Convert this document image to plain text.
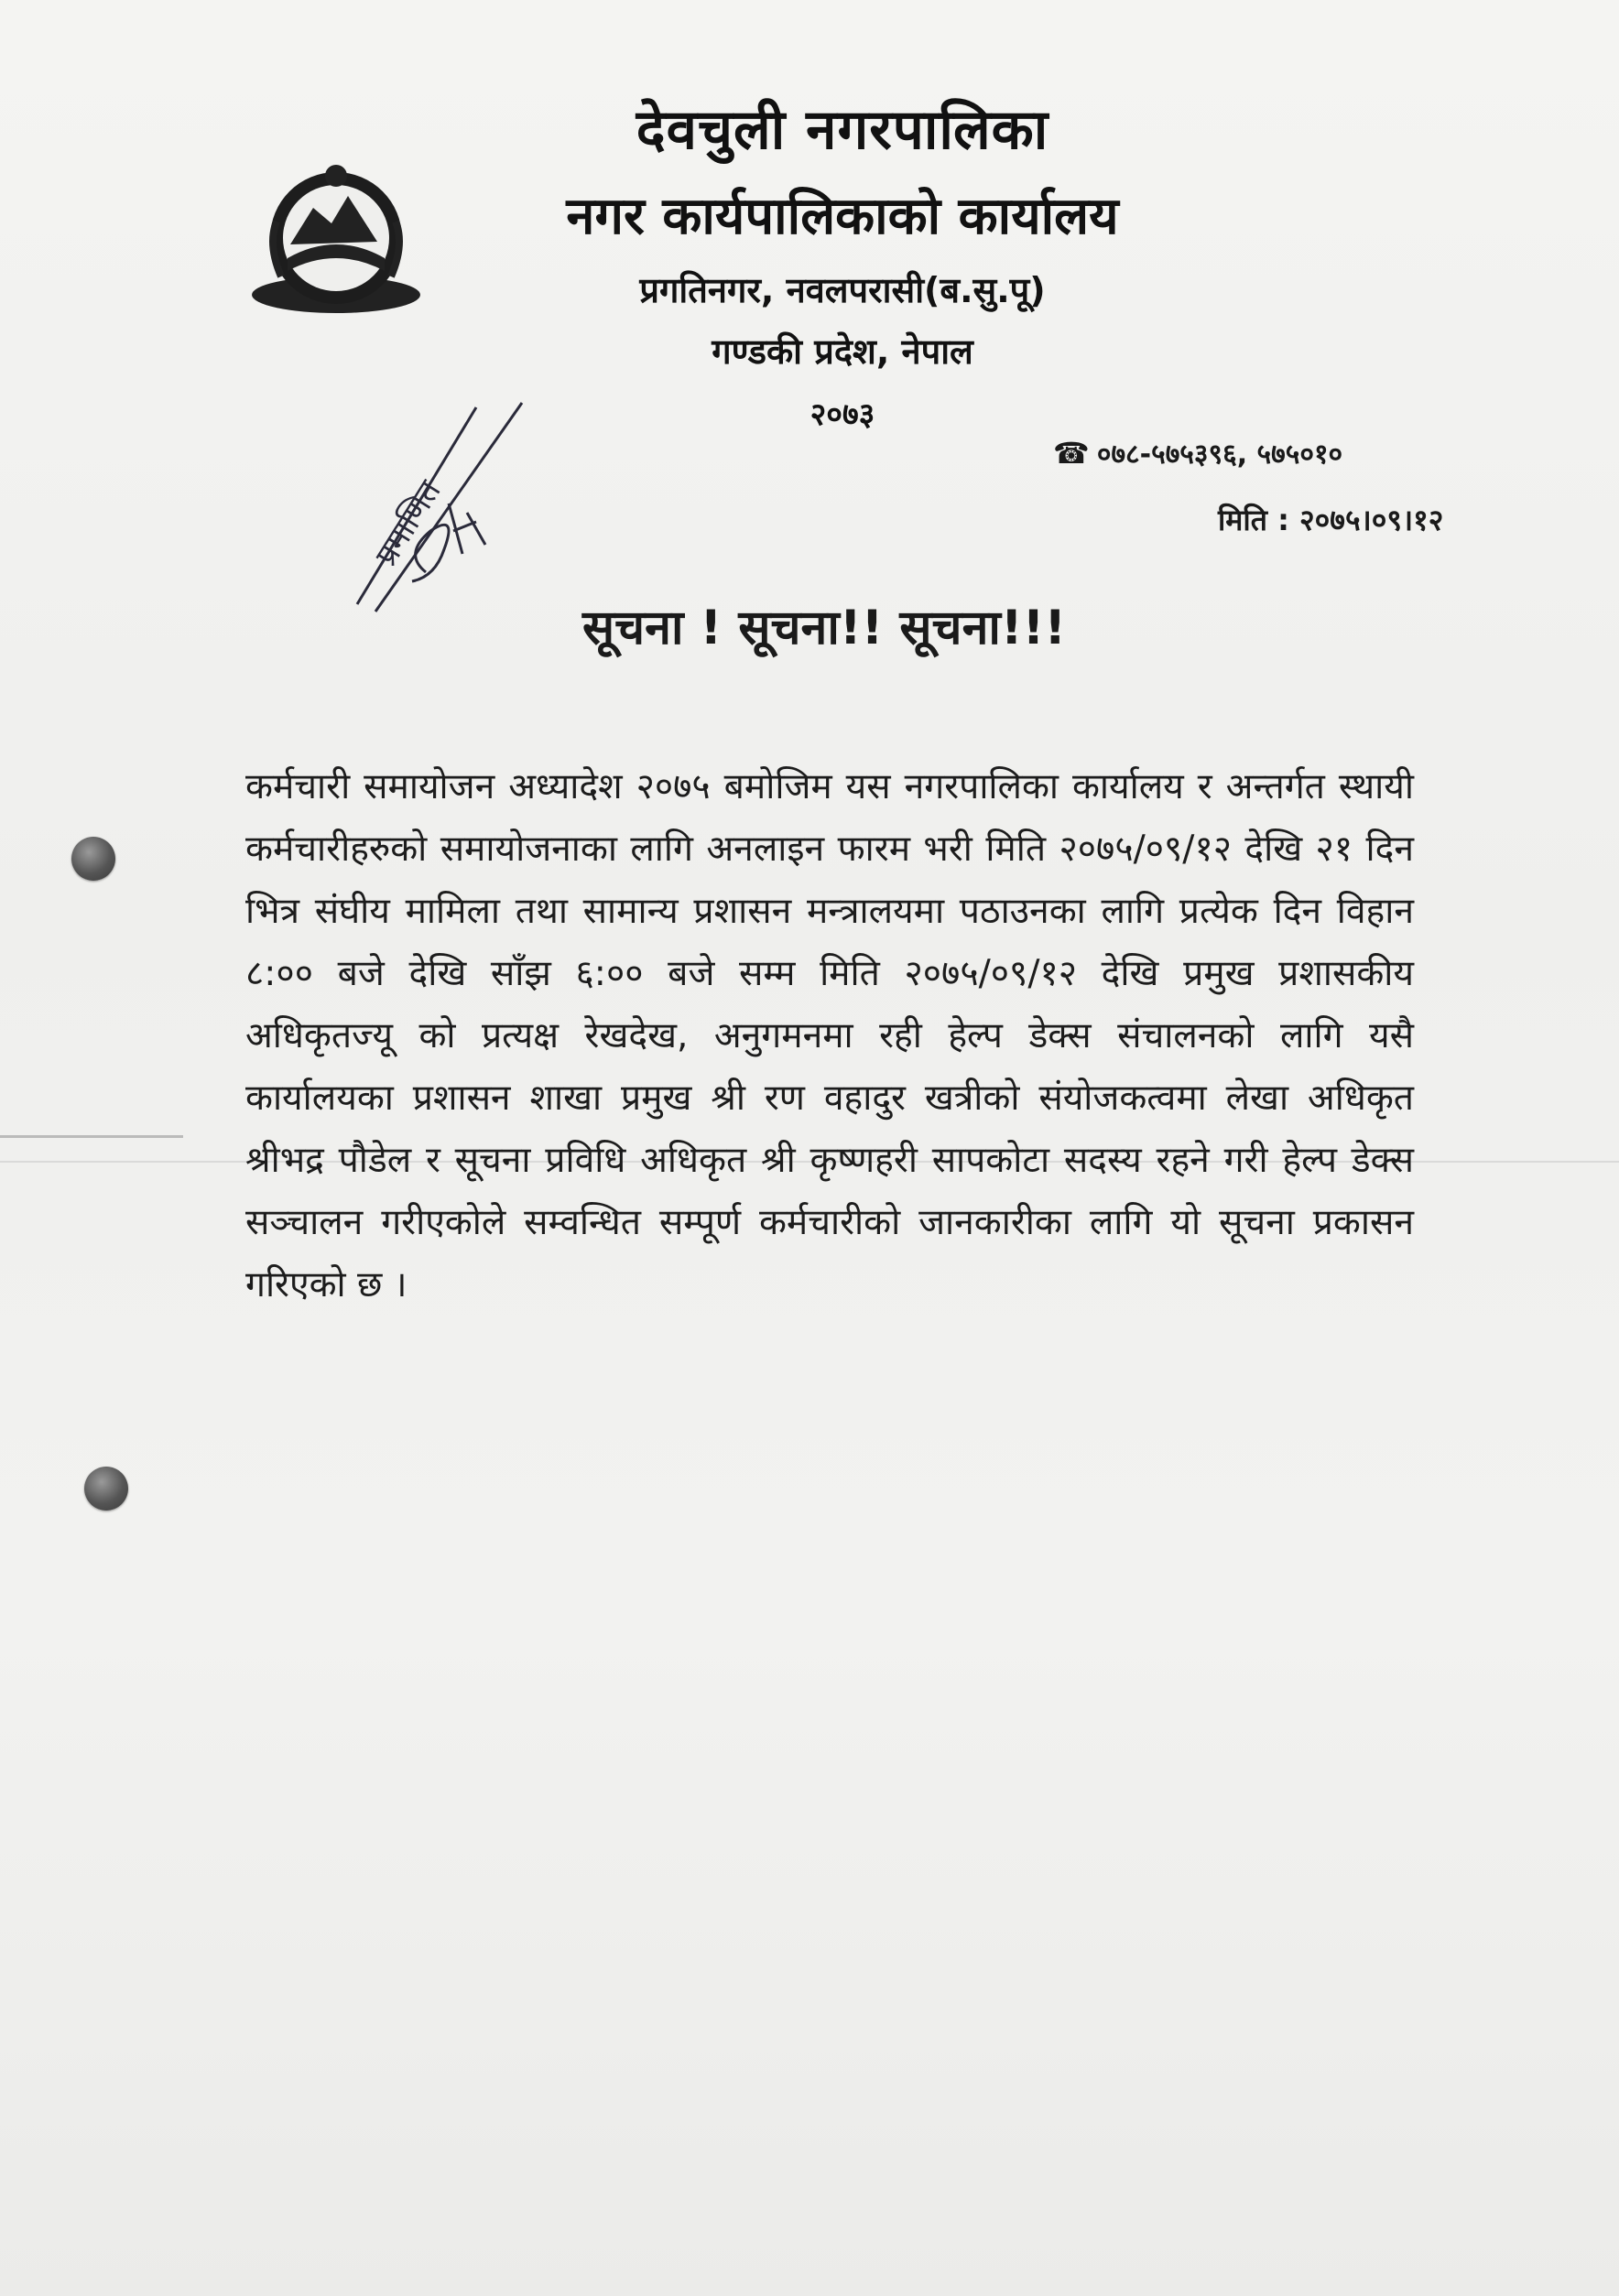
देवचुली नगरपालिका
नगर कार्यपालिकाको कार्यालय
प्रगतिनगर, नवलपरासी(ब.सु.पू)
गण्डकी प्रदेश, नेपाल
२०७३
☎ ०७८-५७५३९६, ५७५०१०
मिति : २०७५।०९।१२
प्रमाणित
सूचना ! सूचना!! सूचना!!!
कर्मचारी समायोजन अध्यादेश २०७५ बमोजिम यस नगरपालिका कार्यालय र अन्तर्गत स्थायी कर्मचारीहरुको समायोजनाका लागि अनलाइन फारम भरी मिति २०७५/०९/१२ देखि २१ दिन भित्र संघीय मामिला तथा सामान्य प्रशासन मन्त्रालयमा पठाउनका लागि प्रत्येक दिन विहान ८:०० बजे देखि साँझ ६:०० बजे सम्म मिति २०७५/०९/१२ देखि प्रमुख प्रशासकीय अधिकृतज्यू को प्रत्यक्ष रेखदेख, अनुगमनमा रही हेल्प डेक्स संचालनको लागि यसै कार्यालयका प्रशासन शाखा प्रमुख श्री रण वहादुर खत्रीको संयोजकत्वमा लेखा अधिकृत श्रीभद्र पौडेल र सूचना प्रविधि अधिकृत श्री कृष्णहरी सापकोटा सदस्य रहने गरी हेल्प डेक्स सञ्चालन गरीएकोले सम्वन्धित सम्पूर्ण कर्मचारीको जानकारीका लागि यो सूचना प्रकासन गरिएको छ ।
